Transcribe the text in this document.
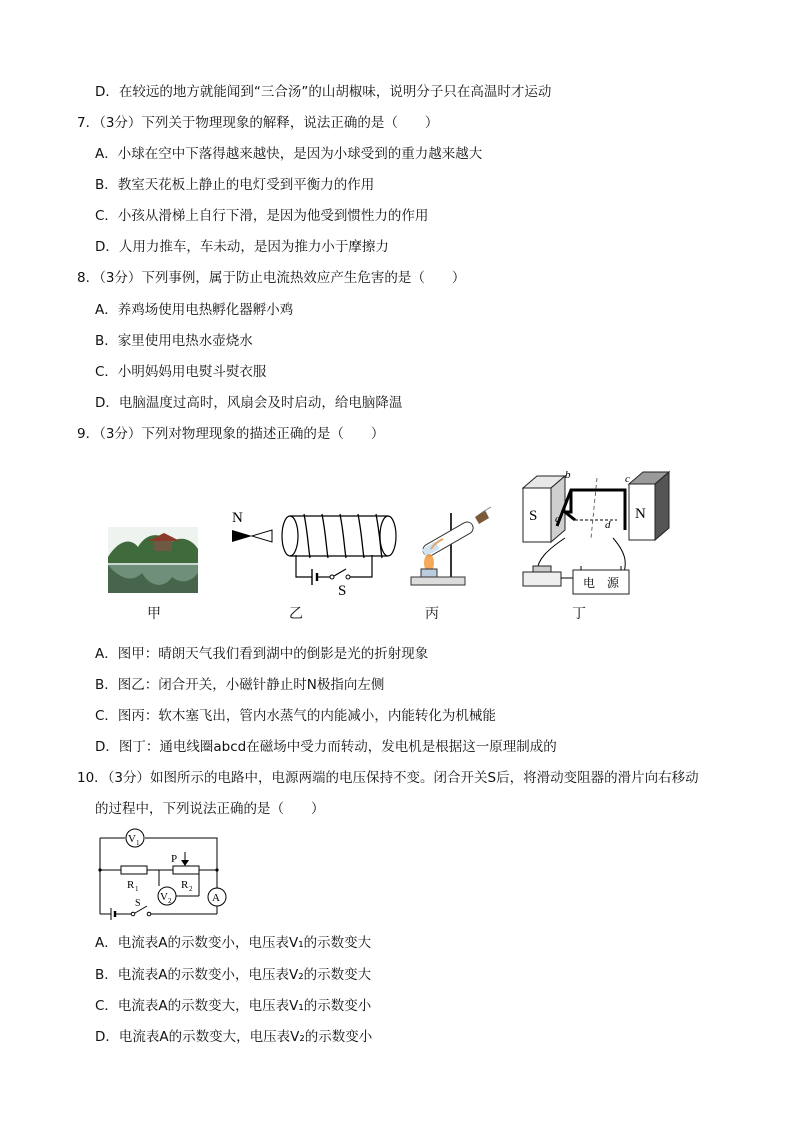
D．在较远的地方就能闻到“三合汤”的山胡椒味，说明分子只在高温时才运动
7．（3分）下列关于物理现象的解释，说法正确的是（　　）
A．小球在空中下落得越来越快，是因为小球受到的重力越来越大
B．教室天花板上静止的电灯受到平衡力的作用
C．小孩从滑梯上自行下滑，是因为他受到惯性力的作用
D．人用力推车，车未动，是因为推力小于摩擦力
8．（3分）下列事例，属于防止电流热效应产生危害的是（　　）
A．养鸡场使用电热孵化器孵小鸡
B．家里使用电热水壶烧水
C．小明妈妈用电熨斗熨衣服
D．电脑温度过高时，风扇会及时启动，给电脑降温
9．（3分）下列对物理现象的描述正确的是（　　）
N
S
S	N
b	c
a	d
电　源
甲	乙	丙	丁
A．图甲：晴朗天气我们看到湖中的倒影是光的折射现象
B．图乙：闭合开关，小磁针静止时N极指向左侧
C．图丙：软木塞飞出，管内水蒸气的内能减小，内能转化为机械能
D．图丁：通电线圈abcd在磁场中受力而转动，发电机是根据这一原理制成的
10．（3分）如图所示的电路中，电源两端的电压保持不变。闭合开关S后，将滑动变阻器的滑片向右移动
的过程中，下列说法正确的是（　　）
V 1
P
R 1	R 2
V 2	A
S
A．电流表A的示数变小，电压表V₁的示数变大
B．电流表A的示数变小，电压表V₂的示数变大
C．电流表A的示数变大，电压表V₁的示数变小
D．电流表A的示数变大，电压表V₂的示数变小
